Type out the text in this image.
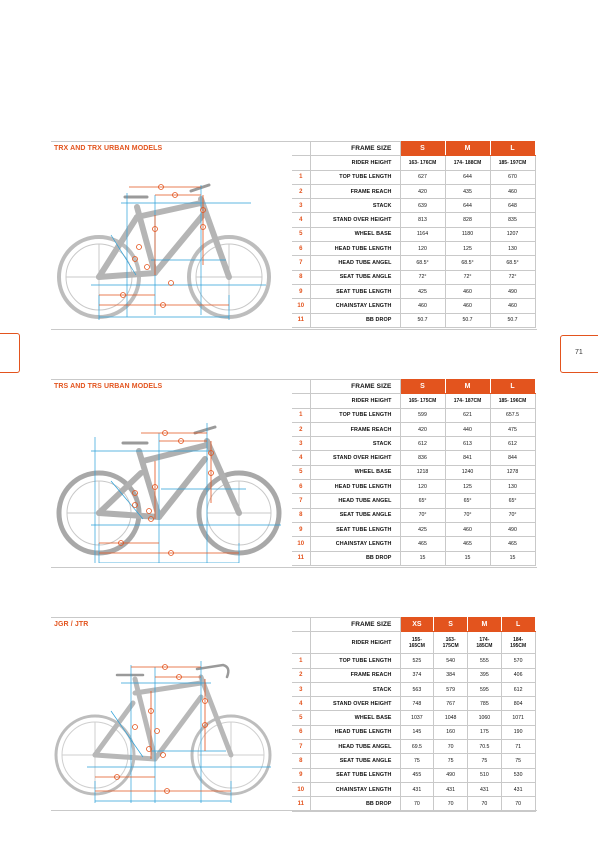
71
TRX AND TRX URBAN MODELS
		FRAME SIZE	S	M	L
	RIDER HEIGHT	163- 176CM	174- 188CM	185- 197CM
1	TOP TUBE LENGTH	627	644	670
2	FRAME REACH	420	435	460
3	STACK	639	644	648
4	STAND OVER HEIGHT	813	828	835
5	WHEEL BASE	1164	1180	1207
6	HEAD TUBE LENGTH	120	125	130
7	HEAD TUBE ANGEL	68.5°	68.5°	68.5°
8	SEAT TUBE ANGLE	72°	72°	72°
9	SEAT TUBE LENGTH	425	460	490
10	CHAINSTAY LENGTH	460	460	460
11	BB DROP	50.7	50.7	50.7
TRS AND TRS URBAN MODELS
		FRAME SIZE	S	M	L
	RIDER HEIGHT	165- 175CM	174- 187CM	185- 196CM
1	TOP TUBE LENGTH	599	621	657.5
2	FRAME REACH	420	440	475
3	STACK	612	613	612
4	STAND OVER HEIGHT	836	841	844
5	WHEEL BASE	1218	1240	1278
6	HEAD TUBE LENGTH	120	125	130
7	HEAD TUBE ANGEL	65°	65°	65°
8	SEAT TUBE ANGLE	70°	70°	70°
9	SEAT TUBE LENGTH	425	460	490
10	CHAINSTAY LENGTH	465	465	465
11	BB DROP	15	15	15
JGR / JTR
		FRAME SIZE	XS	S	M	L
	RIDER HEIGHT	155- 165CM	163- 175CM	174- 185CM	184- 195CM
1	TOP TUBE LENGTH	525	540	555	570
2	FRAME REACH	374	384	395	406
3	STACK	563	579	595	612
4	STAND OVER HEIGHT	748	767	785	804
5	WHEEL BASE	1037	1048	1060	1071
6	HEAD TUBE LENGTH	145	160	175	190
7	HEAD TUBE ANGEL	69.5	70	70.5	71
8	SEAT TUBE ANGLE	75	75	75	75
9	SEAT TUBE LENGTH	455	490	510	530
10	CHAINSTAY LENGTH	431	431	431	431
11	BB DROP	70	70	70	70
